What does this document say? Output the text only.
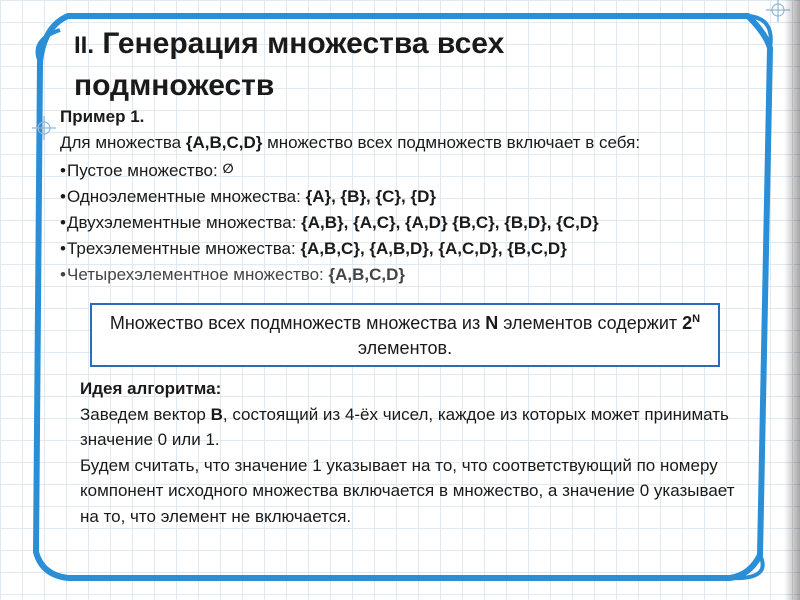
II. Генерация множества всех подмножеств

Пример 1.

Для множества {A,B,C,D} множество всех подмножеств включает в себя:

•Пустое множество: ∅

•Одноэлементные множества: {A}, {B}, {C}, {D}

•Двухэлементные множества: {A,B}, {A,C}, {A,D} {B,C}, {B,D}, {C,D}

•Трехэлементные множества: {A,B,C}, {A,B,D}, {A,C,D}, {B,C,D}

•Четырехэлементное множество: {A,B,C,D}

Множество всех подмножеств множества из N элементов содержит $2^N$ элементов.

Идея алгоритма:

Заведем вектор B, состоящий из 4-ёх чисел, каждое из которых может принимать значение 0 или 1.

Будем считать, что значение 1 указывает на то, что соответствующий по номеру компонент исходного множества включается в множество, а значение 0 указывает на то, что элемент не включается.
